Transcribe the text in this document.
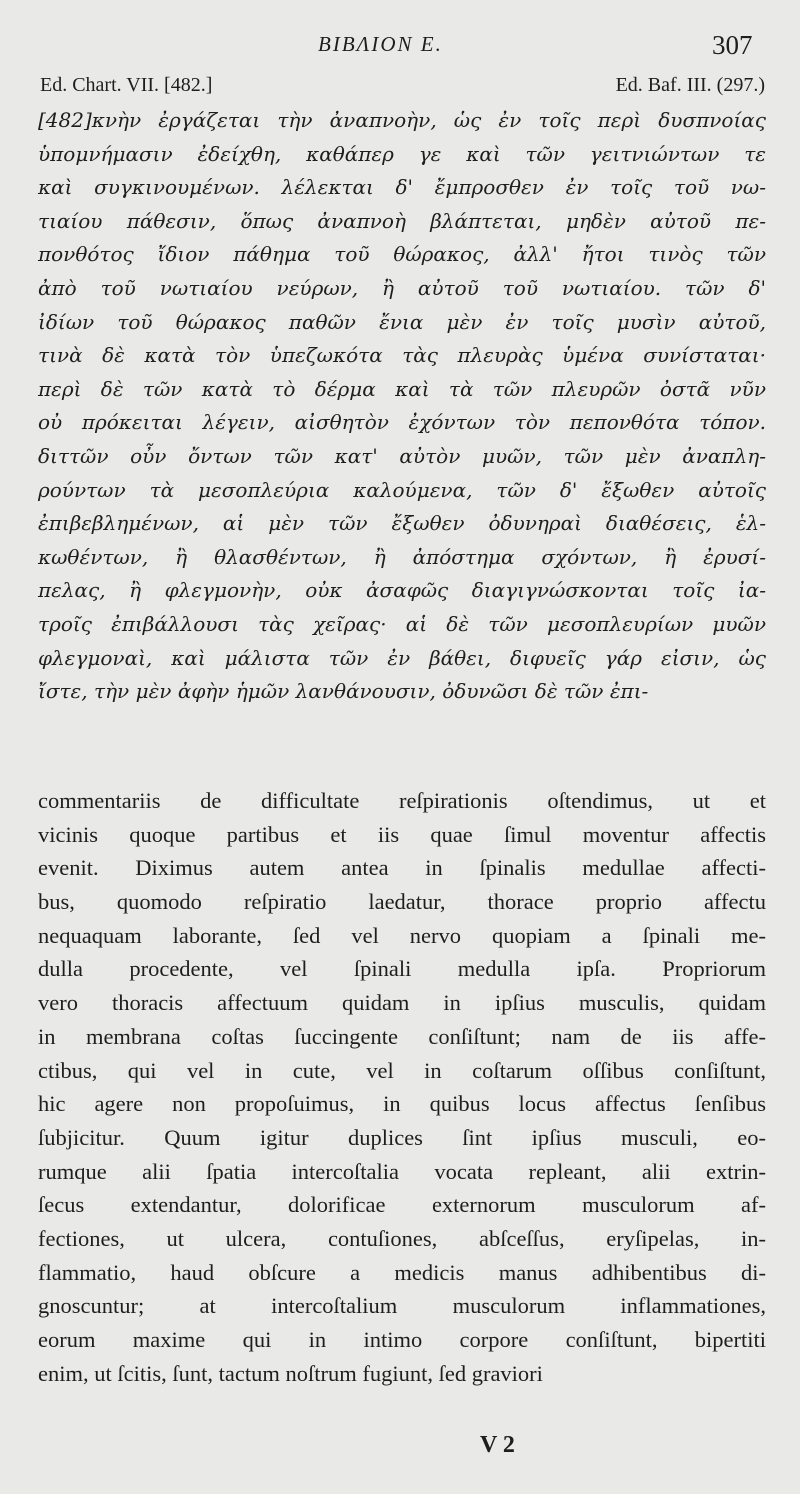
ΒΙΒΛΙΟΝ Ε.	307
Ed. Chart. VII. [482.]	Ed. Baf. III. (297.)
[482]κνὴν ἐργάζεται τὴν ἀναπνοὴν, ὡς ἐν τοῖς περὶ δυσπνοίας
ὑπομνήμασιν ἐδείχθη, καθάπερ γε καὶ τῶν γειτνιώντων τε
καὶ συγκινουμένων. λέλεκται δ' ἔμπροσθεν ἐν τοῖς τοῦ νω-
τιαίου πάθεσιν, ὅπως ἀναπνοὴ βλάπτεται, μηδὲν αὐτοῦ πε-
πονθότος ἴδιον πάθημα τοῦ θώρακος, ἀλλ' ἤτοι τινὸς τῶν
ἀπὸ τοῦ νωτιαίου νεύρων, ἢ αὐτοῦ τοῦ νωτιαίου. τῶν δ'
ἰδίων τοῦ θώρακος παθῶν ἔνια μὲν ἐν τοῖς μυσὶν αὐτοῦ,
τινὰ δὲ κατὰ τὸν ὑπεζωκότα τὰς πλευρὰς ὑμένα συνίσταται·
περὶ δὲ τῶν κατὰ τὸ δέρμα καὶ τὰ τῶν πλευρῶν ὀστᾶ νῦν
οὐ πρόκειται λέγειν, αἰσθητὸν ἐχόντων τὸν πεπονθότα τόπον.
διττῶν οὖν ὄντων τῶν κατ' αὐτὸν μυῶν, τῶν μὲν ἀναπλη-
ρούντων τὰ μεσοπλεύρια καλούμενα, τῶν δ' ἔξωθεν αὐτοῖς
ἐπιβεβλημένων, αἱ μὲν τῶν ἔξωθεν ὀδυνηραὶ διαθέσεις, ἑλ-
κωθέντων, ἢ θλασθέντων, ἢ ἀπόστημα σχόντων, ἢ ἐρυσί-
πελας, ἢ φλεγμονὴν, οὐκ ἀσαφῶς διαγιγνώσκονται τοῖς ἰα-
τροῖς ἐπιβάλλουσι τὰς χεῖρας· αἱ δὲ τῶν μεσοπλευρίων μυῶν
φλεγμοναὶ, καὶ μάλιστα τῶν ἐν βάθει, διφυεῖς γάρ εἰσιν, ὡς
ἴστε, τὴν μὲν ἀφὴν ἡμῶν λανθάνουσιν, ὀδυνῶσι δὲ τῶν ἐπι-
commentariis de difficultate reſpirationis oſtendimus, ut et
vicinis quoque partibus et iis quae ſimul moventur affectis
evenit. Diximus autem antea in ſpinalis medullae affecti-
bus, quomodo reſpiratio laedatur, thorace proprio affectu
nequaquam laborante, ſed vel nervo quopiam a ſpinali me-
dulla procedente, vel ſpinali medulla ipſa. Propriorum
vero thoracis affectuum quidam in ipſius musculis, quidam
in membrana coſtas ſuccingente conſiſtunt; nam de iis affe-
ctibus, qui vel in cute, vel in coſtarum oſſibus conſiſtunt,
hic agere non propoſuimus, in quibus locus affectus ſenſibus
ſubjicitur. Quum igitur duplices ſint ipſius musculi, eo-
rumque alii ſpatia intercoſtalia vocata repleant, alii extrin-
ſecus extendantur, dolorificae externorum musculorum af-
fectiones, ut ulcera, contuſiones, abſceſſus, eryſipelas, in-
flammatio, haud obſcure a medicis manus adhibentibus di-
gnoscuntur; at intercoſtalium musculorum inflammationes,
eorum maxime qui in intimo corpore conſiſtunt, bipertiti
enim, ut ſcitis, ſunt, tactum noſtrum fugiunt, ſed graviori
V 2
